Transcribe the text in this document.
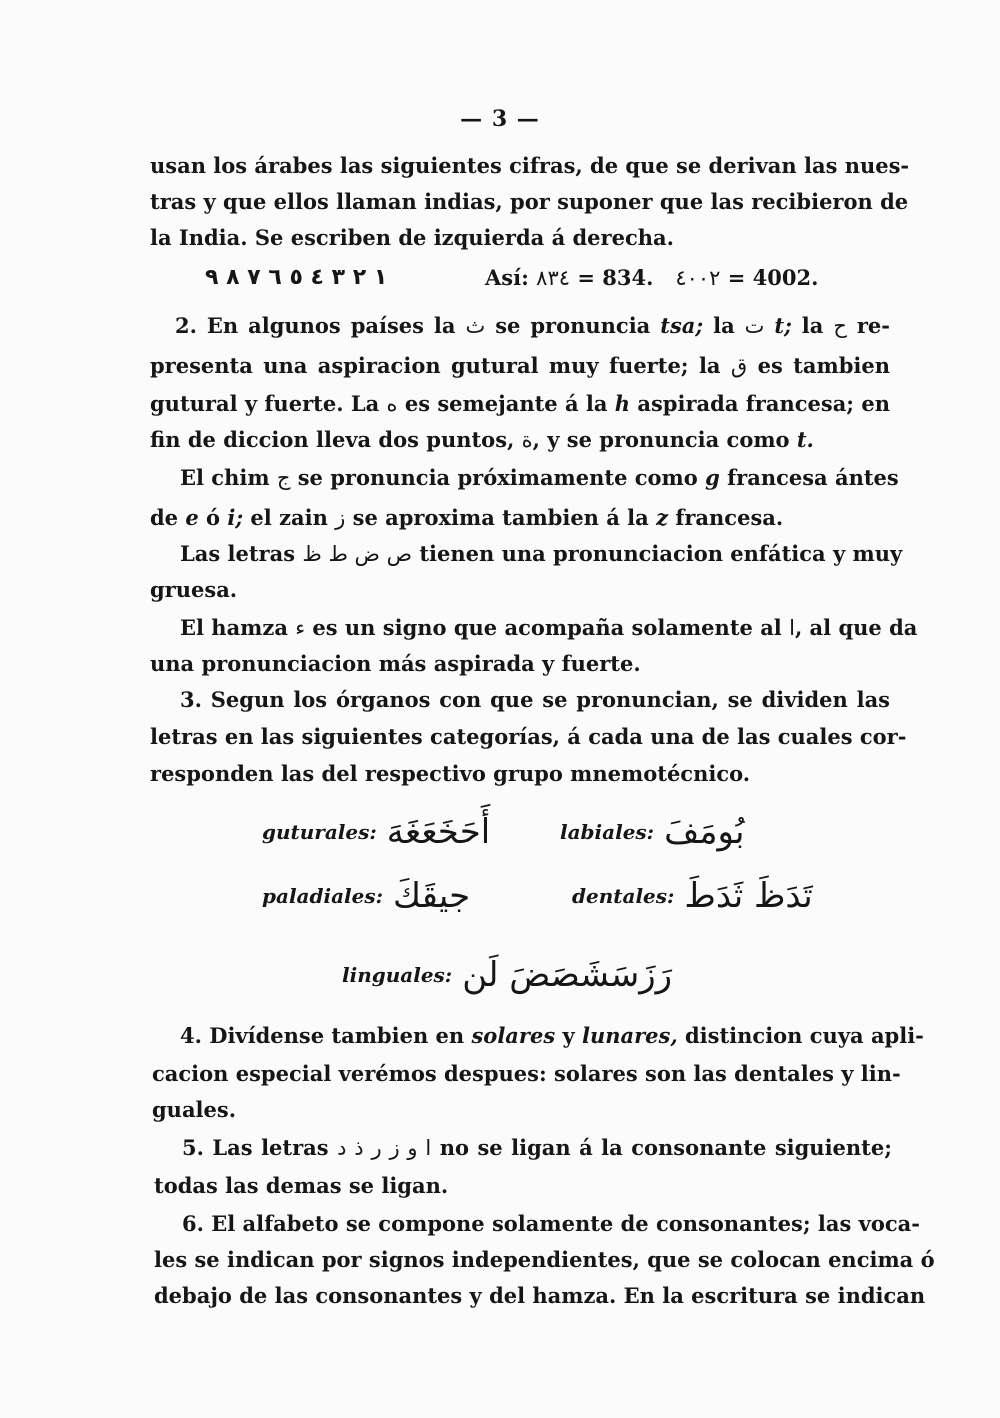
— 3 —
usan los árabes las siguientes cifras, de que se derivan las nues-
tras y que ellos llaman indias, por suponer que las recibieron de
la India. Se escriben de izquierda á derecha.
١ ٢ ٣ ٤ ٥ ٦ ٧ ٨ ٩	Así: ٨٣٤ = 834. ٤٠٠٢ = 4002.
2. En algunos países la ث se pronuncia tsa; la ت t; la ح re-
presenta una aspiracion gutural muy fuerte; la ق es tambien
gutural y fuerte. La ه es semejante á la h aspirada francesa; en
fin de diccion lleva dos puntos, ة, y se pronuncia como t.
El chim ج se pronuncia próximamente como g francesa ántes
de e ó i; el zain ز se aproxima tambien á la z francesa.
Las letras ص ض ط ظ tienen una pronunciacion enfática y muy
gruesa.
El hamza ء es un signo que acompaña solamente al ا, al que da
una pronunciacion más aspirada y fuerte.
3. Segun los órganos con que se pronuncian, se dividen las
letras en las siguientes categorías, á cada una de las cuales cor-
responden las del respectivo grupo mnemotécnico.
guturales: أَحَخَعَغَهَ	labiales: بُومَفَ
paladiales: جيقَكَ	dentales: تَدَظَ ثَدَطَ
linguales: رَزَسَشَصَضَ لَن
4. Divídense tambien en solares y lunares, distincion cuya apli-
cacion especial verémos despues: solares son las dentales y lin-
guales.
5. Las letras ا و ز ر ذ د no se ligan á la consonante siguiente;
todas las demas se ligan.
6. El alfabeto se compone solamente de consonantes; las voca-
les se indican por signos independientes, que se colocan encima ó
debajo de las consonantes y del hamza. En la escritura se indican
